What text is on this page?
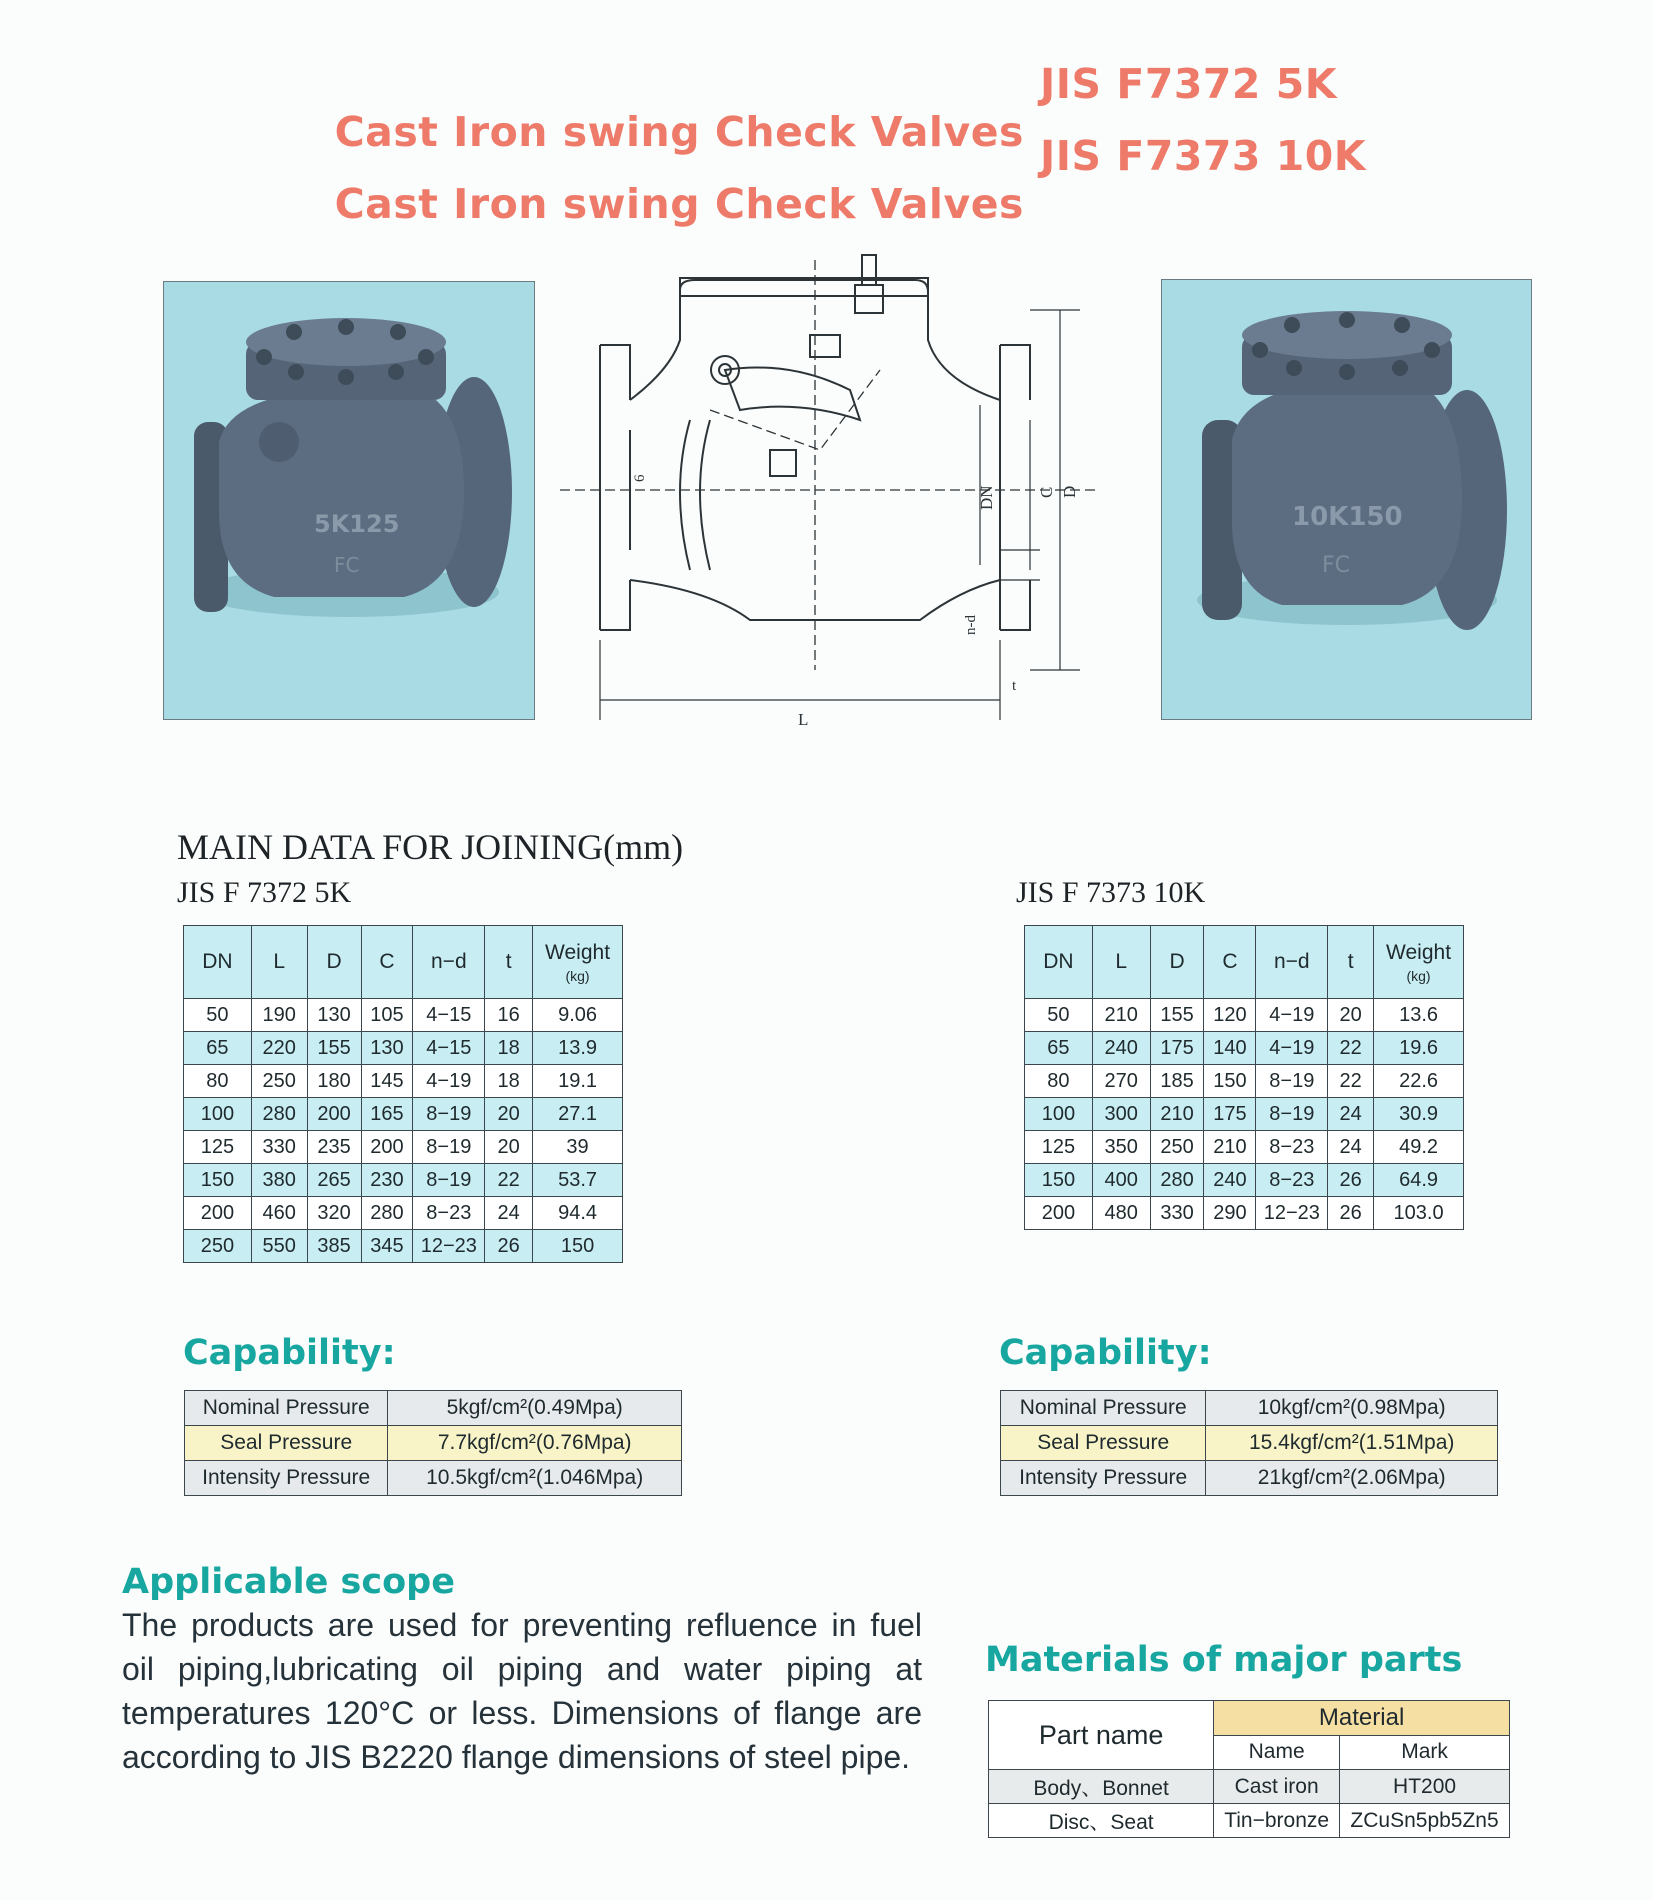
Cast Iron swing Check Valves

JIS F7372 5K

Cast Iron swing Check Valves

JIS F7373 10K

5K125
FC
10K150
FC
L
DN C D
n-d
t
6
MAIN DATA FOR JOINING(mm)
JIS F 7372 5K	JIS F 7373 10K
DN	L	D	C	n−d	t	Weight
(kg)

50	190	130	105	4−15	16	9.06
65	220	155	130	4−15	18	13.9
80	250	180	145	4−19	18	19.1
100	280	200	165	8−19	20	27.1
125	330	235	200	8−19	20	39
150	380	265	230	8−19	22	53.7
200	460	320	280	8−23	24	94.4
250	550	385	345	12−23	26	150
DN	L	D	C	n−d	t	Weight
(kg)

50	210	155	120	4−19	20	13.6
65	240	175	140	4−19	22	19.6
80	270	185	150	8−19	22	22.6
100	300	210	175	8−19	24	30.9
125	350	250	210	8−23	24	49.2
150	400	280	240	8−23	26	64.9
200	480	330	290	12−23	26	103.0
Capability:	Capability:
Nominal Pressure	5kgf/cm²(0.49Mpa)
Seal Pressure	7.7kgf/cm²(0.76Mpa)
Intensity Pressure	10.5kgf/cm²(1.046Mpa)
Nominal Pressure	10kgf/cm²(0.98Mpa)
Seal Pressure	15.4kgf/cm²(1.51Mpa)
Intensity Pressure	21kgf/cm²(2.06Mpa)
Applicable scope
The products are used for preventing refluence in fuel oil piping,lubricating oil piping and water piping at temperatures 120°C or less. Dimensions of flange are according to JIS B2220 flange dimensions of steel pipe.
Materials of major parts
Part name	Material	
	Name	Mark
Body、Bonnet	Cast iron	HT200
Disc、Seat	Tin−bronze	ZCuSn5pb5Zn5
